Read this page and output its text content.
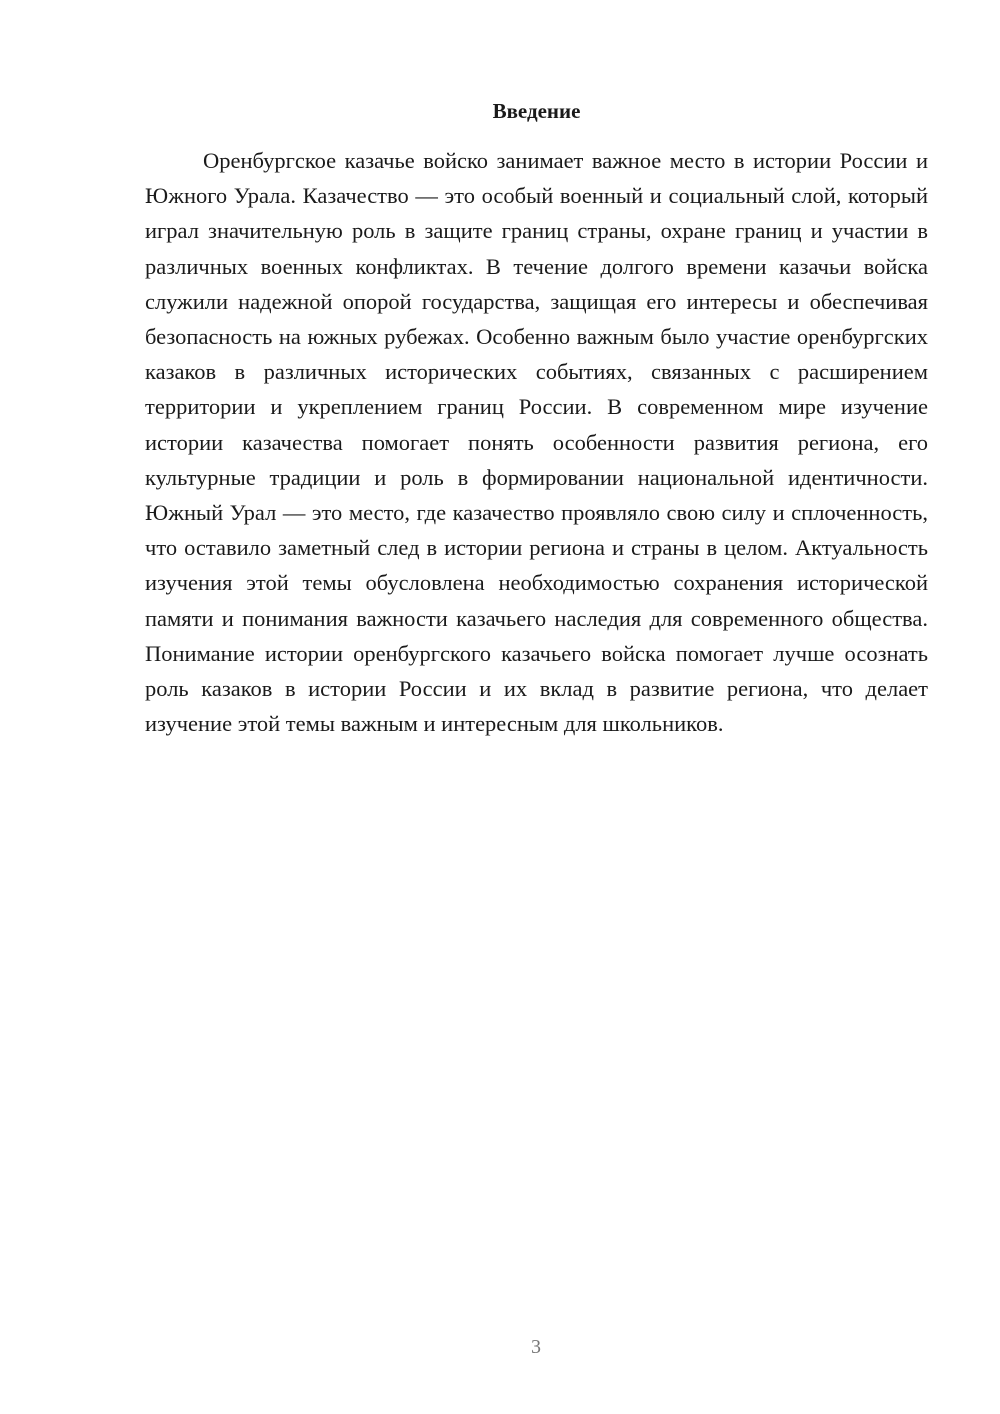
Введение

Оренбургское казачье войско занимает важное место в истории России и Южного Урала. Казачество — это особый военный и социальный слой, который играл значительную роль в защите границ страны, охране границ и участии в различных военных конфликтах. В течение долгого времени казачьи войска служили надежной опорой государства, защищая его интересы и обеспечивая безопасность на южных рубежах. Особенно важным было участие оренбургских казаков в различных исторических событиях, связанных с расширением территории и укреплением границ России. В современном мире изучение истории казачества помогает понять особенности развития региона, его культурные традиции и роль в формировании национальной идентичности. Южный Урал — это место, где казачество проявляло свою силу и сплоченность, что оставило заметный след в истории региона и страны в целом. Актуальность изучения этой темы обусловлена необходимостью сохранения исторической памяти и понимания важности казачьего наследия для современного общества. Понимание истории оренбургского казачьего войска помогает лучше осознать роль казаков в истории России и их вклад в развитие региона, что делает изучение этой темы важным и интересным для школьников.

3
